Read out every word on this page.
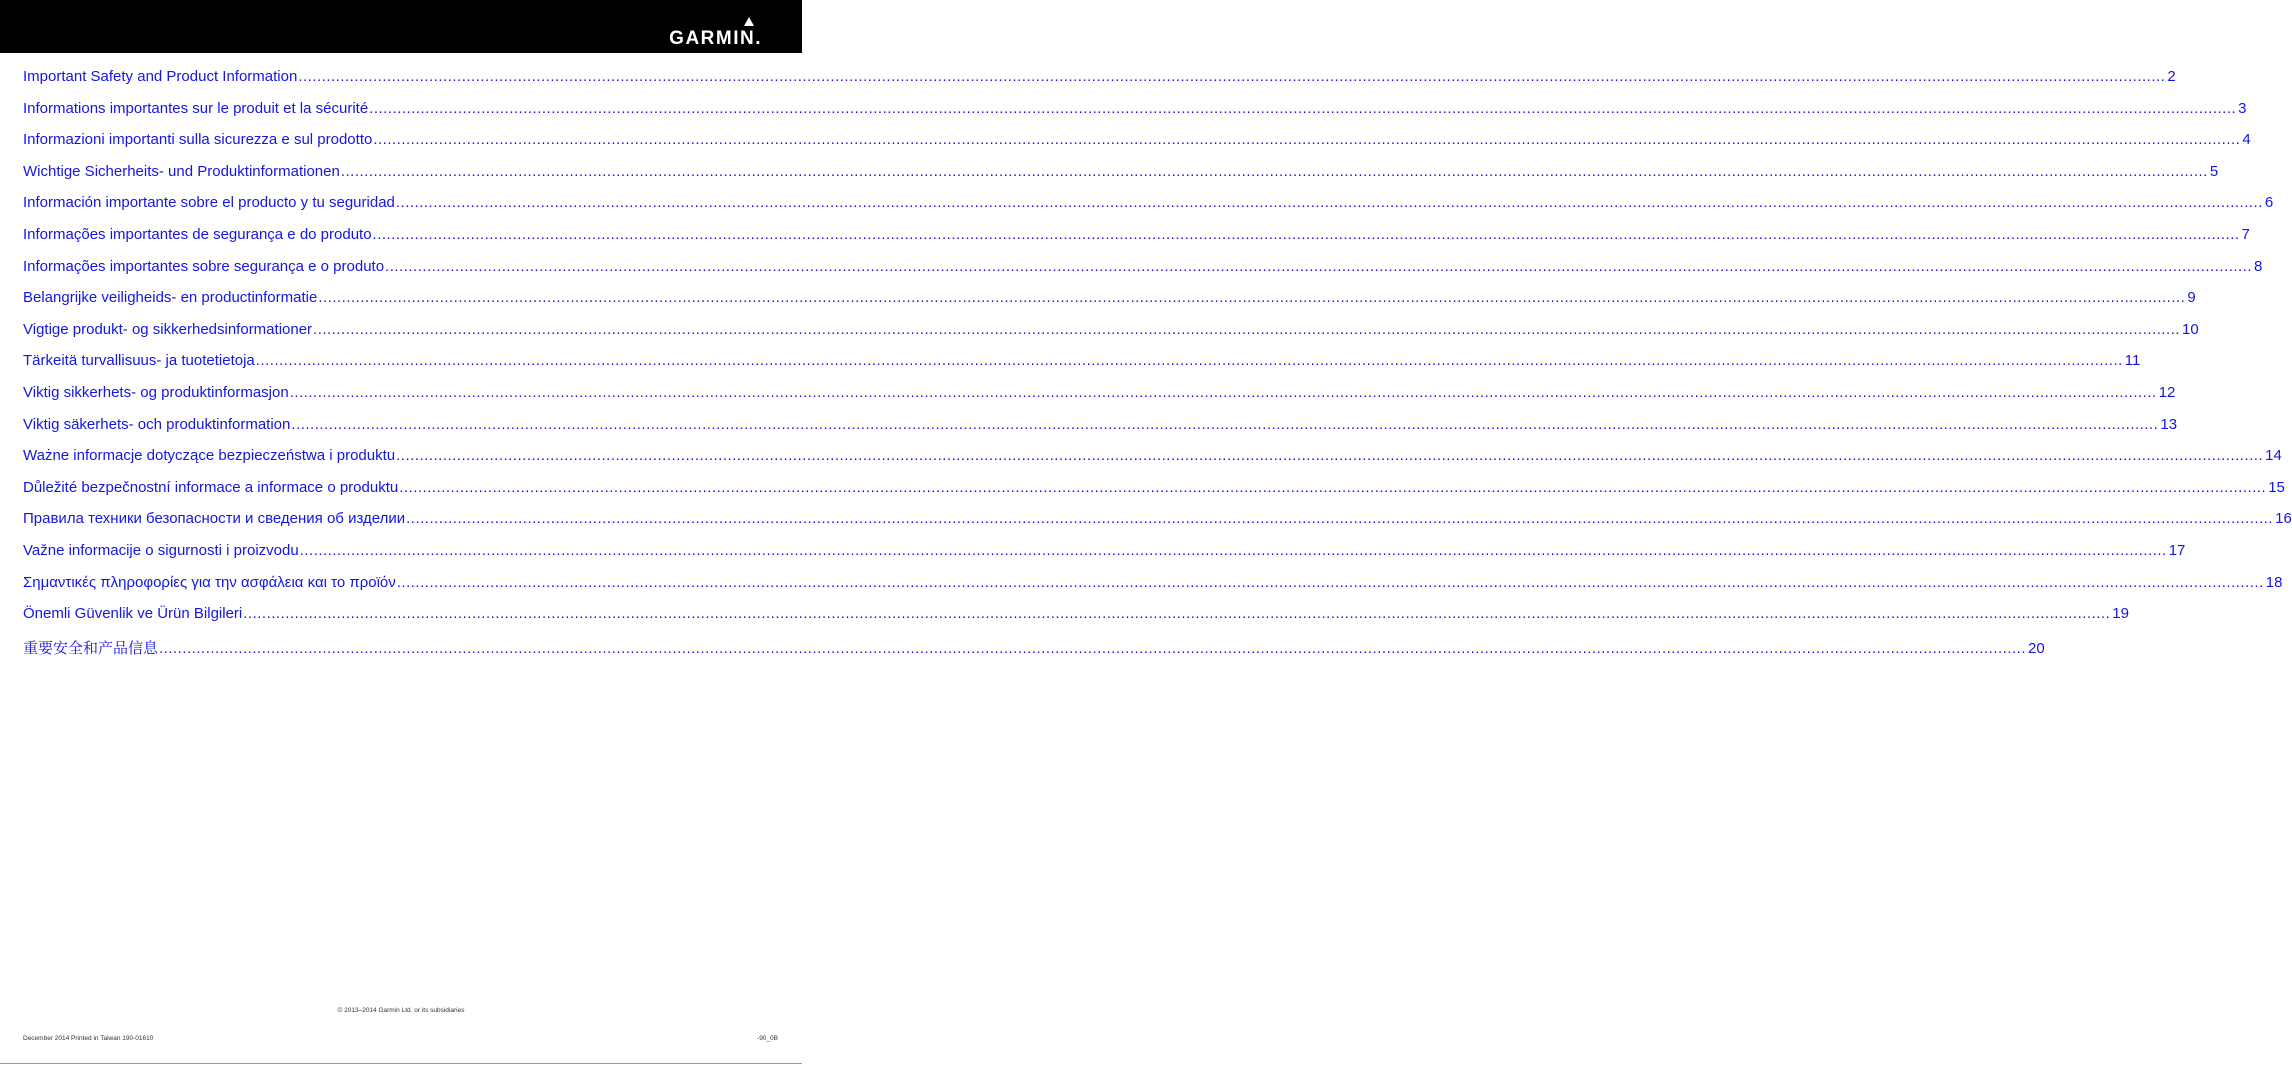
GARMIN.
Important Safety and Product Information ................................................................................................................................................................................................................................................................................................................................................................................................................ 2
Informations importantes sur le produit et la sécurité ................................................................................................................................................................................................................................................................................................................................................................................................................ 3
Informazioni importanti sulla sicurezza e sul prodotto ................................................................................................................................................................................................................................................................................................................................................................................................................ 4
Wichtige Sicherheits- und Produktinformationen ................................................................................................................................................................................................................................................................................................................................................................................................................ 5
Información importante sobre el producto y tu seguridad ................................................................................................................................................................................................................................................................................................................................................................................................................ 6
Informações importantes de segurança e do produto ................................................................................................................................................................................................................................................................................................................................................................................................................ 7
Informações importantes sobre segurança e o produto ................................................................................................................................................................................................................................................................................................................................................................................................................ 8
Belangrijke veiligheids- en productinformatie ................................................................................................................................................................................................................................................................................................................................................................................................................ 9
Vigtige produkt- og sikkerhedsinformationer ................................................................................................................................................................................................................................................................................................................................................................................................................ 10
Tärkeitä turvallisuus- ja tuotetietoja ................................................................................................................................................................................................................................................................................................................................................................................................................ 11
Viktig sikkerhets- og produktinformasjon ................................................................................................................................................................................................................................................................................................................................................................................................................ 12
Viktig säkerhets- och produktinformation ................................................................................................................................................................................................................................................................................................................................................................................................................ 13
Ważne informacje dotyczące bezpieczeństwa i produktu ................................................................................................................................................................................................................................................................................................................................................................................................................ 14
Důležité bezpečnostní informace a informace o produktu ................................................................................................................................................................................................................................................................................................................................................................................................................ 15
Правила техники безопасности и сведения об изделии ................................................................................................................................................................................................................................................................................................................................................................................................................ 16
Važne informacije o sigurnosti i proizvodu ................................................................................................................................................................................................................................................................................................................................................................................................................ 17
Σημαντικές πληροφορίες για την ασφάλεια και το προϊόν ................................................................................................................................................................................................................................................................................................................................................................................................................ 18
Önemli Güvenlik ve Ürün Bilgileri ................................................................................................................................................................................................................................................................................................................................................................................................................ 19
重要安全和产品信息 ................................................................................................................................................................................................................................................................................................................................................................................................................ 20
© 2013–2014 Garmin Ltd. or its subsidiaries
December 2014 Printed in Taiwan 190-01610	-90_0B
